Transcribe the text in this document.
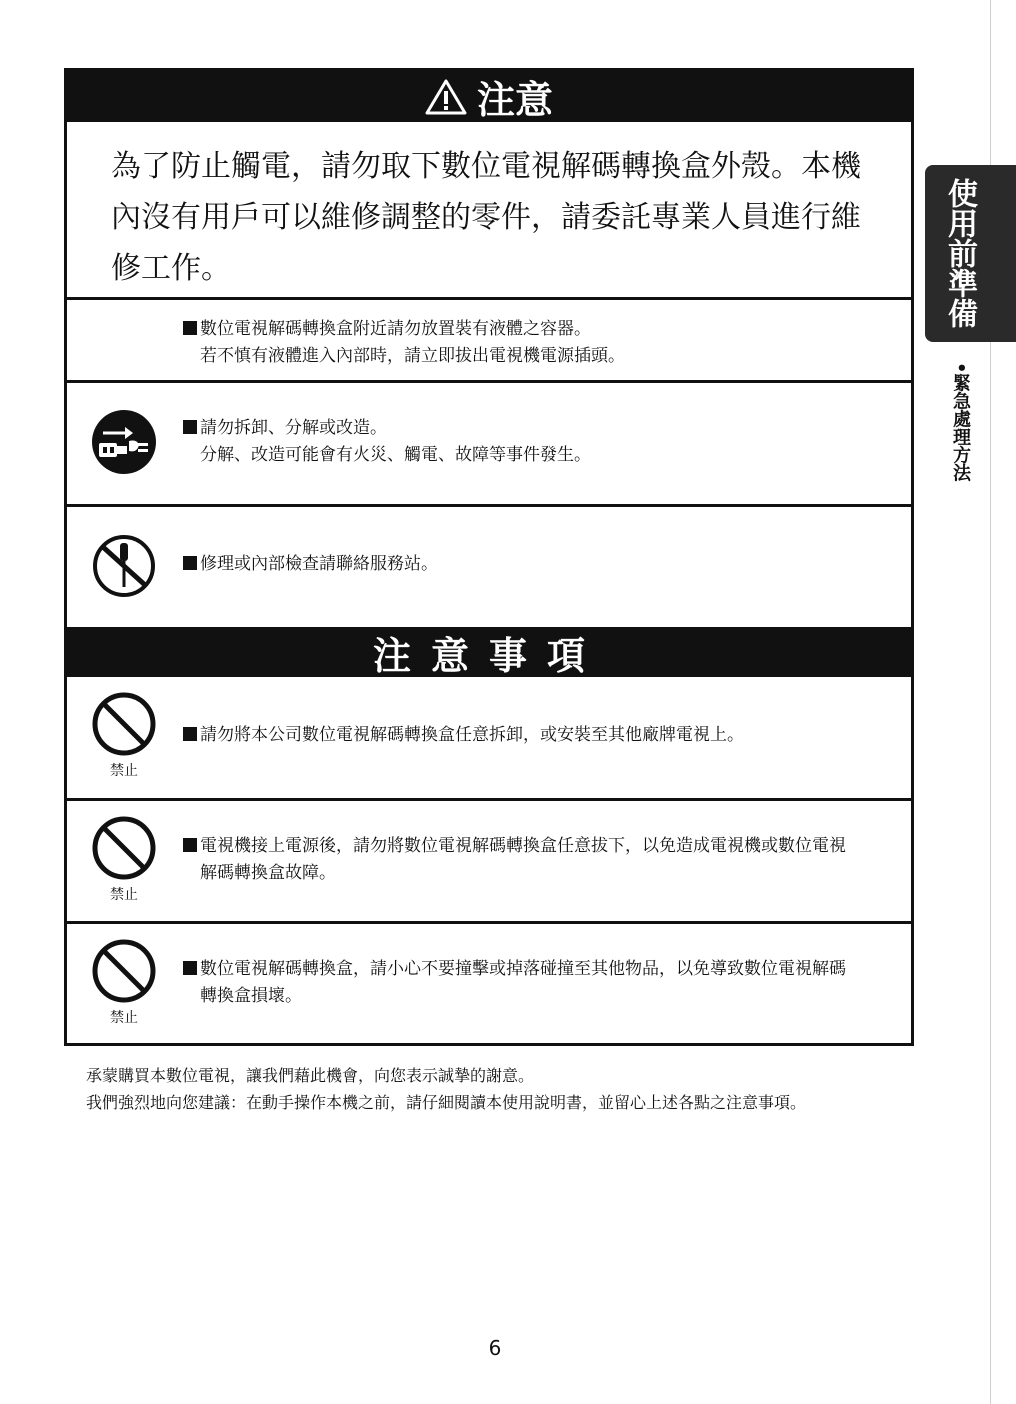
使用前準備
•緊急處理方法
注意
為了防止觸電，請勿取下數位電視解碼轉換盒外殼。本機內沒有用戶可以維修調整的零件，請委託專業人員進行維修工作。
數位電視解碼轉換盒附近請勿放置裝有液體之容器。
若不慎有液體進入內部時，請立即拔出電視機電源插頭。
請勿拆卸、分解或改造。
分解、改造可能會有火災、觸電、故障等事件發生。
修理或內部檢查請聯絡服務站。
注意事項
禁止
請勿將本公司數位電視解碼轉換盒任意拆卸，或安裝至其他廠牌電視上。
禁止
電視機接上電源後，請勿將數位電視解碼轉換盒任意拔下，以免造成電視機或數位電視
解碼轉換盒故障。
禁止
數位電視解碼轉換盒，請小心不要撞擊或掉落碰撞至其他物品，以免導致數位電視解碼
轉換盒損壞。
承蒙購買本數位電視，讓我們藉此機會，向您表示誠摯的謝意。
我們強烈地向您建議：在動手操作本機之前，請仔細閱讀本使用說明書，並留心上述各點之注意事項。
6
